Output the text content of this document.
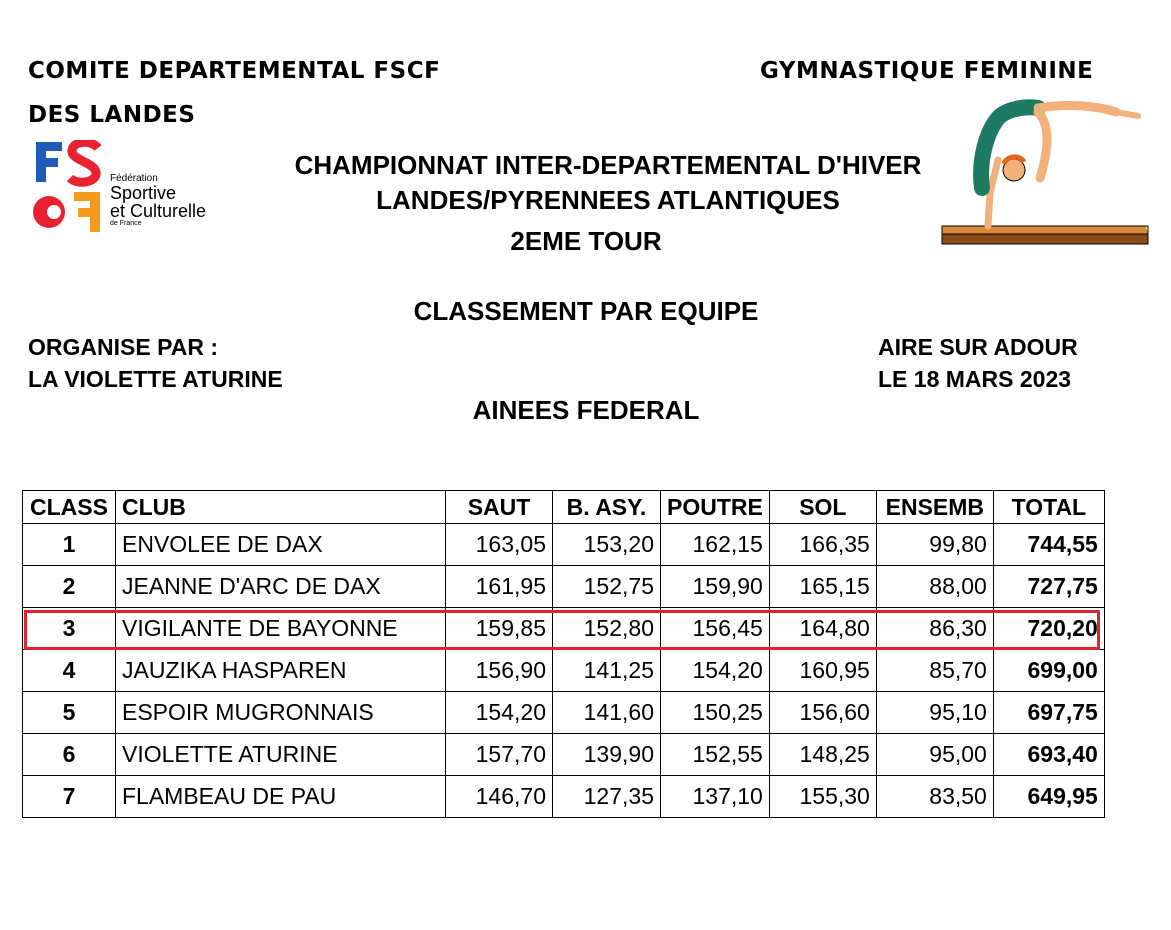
COMITE DEPARTEMENTAL FSCF
DES LANDES
GYMNASTIQUE FEMININE
Fédération
Sportive
et Culturelle
de France
CHAMPIONNAT INTER-DEPARTEMENTAL D'HIVER
LANDES/PYRENNEES ATLANTIQUES
2EME TOUR
CLASSEMENT PAR EQUIPE
ORGANISE PAR :
LA VIOLETTE ATURINE
AIRE SUR ADOUR
LE 18 MARS 2023
AINEES FEDERAL
CLASS	CLUB	SAUT	B. ASY.	POUTRE	SOL	ENSEMB	TOTAL
1	ENVOLEE DE DAX	163,05	153,20	162,15	166,35	99,80	744,55
2	JEANNE D'ARC DE DAX	161,95	152,75	159,90	165,15	88,00	727,75
3	VIGILANTE DE BAYONNE	159,85	152,80	156,45	164,80	86,30	720,20
4	JAUZIKA HASPAREN	156,90	141,25	154,20	160,95	85,70	699,00
5	ESPOIR MUGRONNAIS	154,20	141,60	150,25	156,60	95,10	697,75
6	VIOLETTE ATURINE	157,70	139,90	152,55	148,25	95,00	693,40
7	FLAMBEAU DE PAU	146,70	127,35	137,10	155,30	83,50	649,95
